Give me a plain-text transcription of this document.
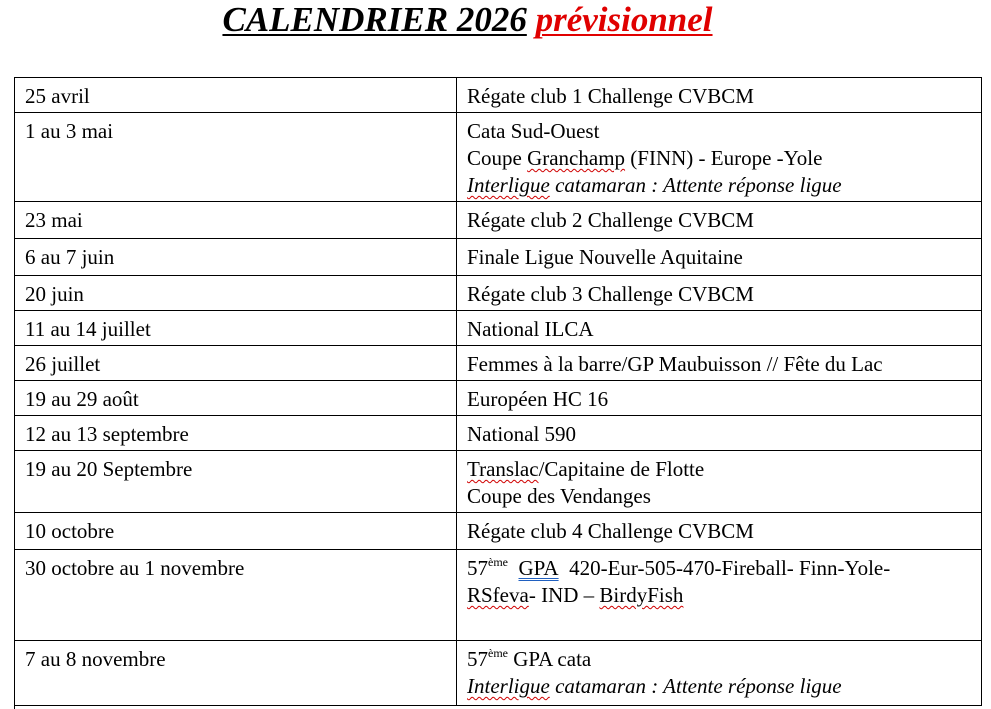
CALENDRIER 2026 prévisionnel
25 avril	Régate club 1 Challenge CVBCM

1 au 3 mai	Cata Sud-Ouest
Coupe Granchamp (FINN) - Europe -Yole
Interligue catamaran : Attente réponse ligue

23 mai	Régate club 2 Challenge CVBCM

6 au 7 juin	Finale Ligue Nouvelle Aquitaine

20 juin	Régate club 3 Challenge CVBCM

11 au 14 juillet	National ILCA

26 juillet	Femmes à la barre/GP Maubuisson // Fête du Lac

19 au 29 août	Européen HC 16

12 au 13 septembre	National 590

19 au 20 Septembre	Translac/Capitaine de Flotte
Coupe des Vendanges

10 octobre	Régate club 4 Challenge CVBCM

30 octobre au 1 novembre	57ème GPA 420-Eur-505-470-Fireball- Finn-Yole-
RSfeva- IND – BirdyFish

7 au 8 novembre	57ème GPA cata
Interligue catamaran : Attente réponse ligue
